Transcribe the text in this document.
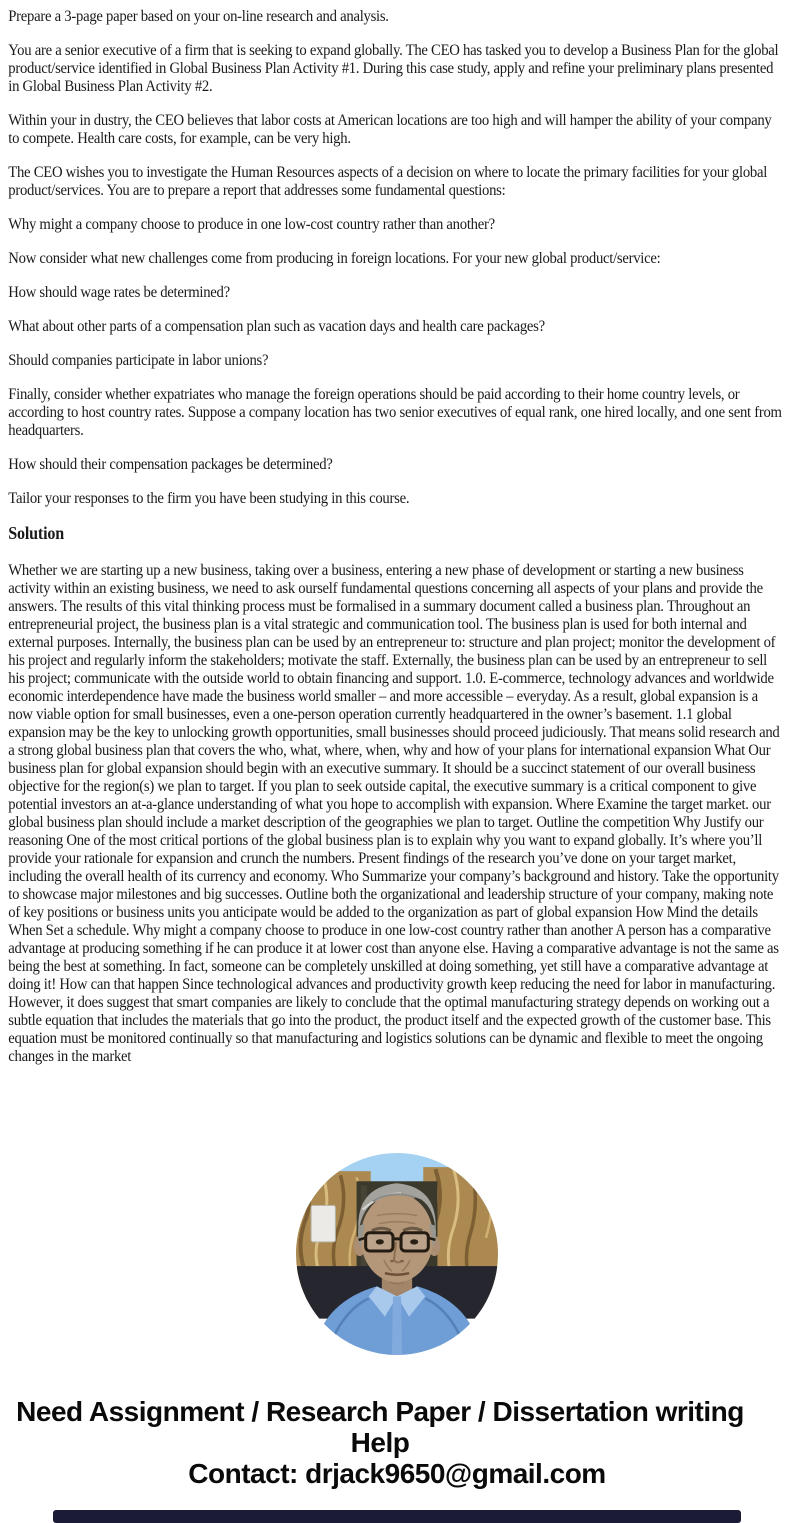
Prepare a 3-page paper based on your on-line research and analysis.

You are a senior executive of a firm that is seeking to expand globally. The CEO has tasked you to develop a Business Plan for the global product/service identified in Global Business Plan Activity #1. During this case study, apply and refine your preliminary plans presented in Global Business Plan Activity #2.

Within your in dustry, the CEO believes that labor costs at American locations are too high and will hamper the ability of your company to compete. Health care costs, for example, can be very high.

The CEO wishes you to investigate the Human Resources aspects of a decision on where to locate the primary facilities for your global product/services. You are to prepare a report that addresses some fundamental questions:

Why might a company choose to produce in one low-cost country rather than another?

Now consider what new challenges come from producing in foreign locations. For your new global product/service:

How should wage rates be determined?

What about other parts of a compensation plan such as vacation days and health care packages?

Should companies participate in labor unions?

Finally, consider whether expatriates who manage the foreign operations should be paid according to their home country levels, or according to host country rates. Suppose a company location has two senior executives of equal rank, one hired locally, and one sent from headquarters.

How should their compensation packages be determined?

Tailor your responses to the firm you have been studying in this course.

Solution

Whether we are starting up a new business, taking over a business, entering a new phase of development or starting a new business activity within an existing business, we need to ask ourself fundamental questions concerning all aspects of your plans and provide the answers. The results of this vital thinking process must be formalised in a summary document called a business plan. Throughout an entrepreneurial project, the business plan is a vital strategic and communication tool. The business plan is used for both internal and external purposes. Internally, the business plan can be used by an entrepreneur to: structure and plan project; monitor the development of his project and regularly inform the stakeholders; motivate the staff. Externally, the business plan can be used by an entrepreneur to sell his project; communicate with the outside world to obtain financing and support. 1.0. E-commerce, technology advances and worldwide economic interdependence have made the business world smaller – and more accessible – everyday. As a result, global expansion is a now viable option for small businesses, even a one-person operation currently headquartered in the owner’s basement. 1.1 global expansion may be the key to unlocking growth opportunities, small businesses should proceed judiciously. That means solid research and a strong global business plan that covers the who, what, where, when, why and how of your plans for international expansion What Our business plan for global expansion should begin with an executive summary. It should be a succinct statement of our overall business objective for the region(s) we plan to target. If you plan to seek outside capital, the executive summary is a critical component to give potential investors an at-a-glance understanding of what you hope to accomplish with expansion. Where Examine the target market. our global business plan should include a market description of the geographies we plan to target. Outline the competition Why Justify our reasoning One of the most critical portions of the global business plan is to explain why you want to expand globally. It’s where you’ll provide your rationale for expansion and crunch the numbers. Present findings of the research you’ve done on your target market, including the overall health of its currency and economy. Who Summarize your company’s background and history. Take the opportunity to showcase major milestones and big successes. Outline both the organizational and leadership structure of your company, making note of key positions or business units you anticipate would be added to the organization as part of global expansion How Mind the details When Set a schedule. Why might a company choose to produce in one low-cost country rather than another A person has a comparative advantage at producing something if he can produce it at lower cost than anyone else. Having a comparative advantage is not the same as being the best at something. In fact, someone can be completely unskilled at doing something, yet still have a comparative advantage at doing it! How can that happen Since technological advances and productivity growth keep reducing the need for labor in manufacturing. However, it does suggest that smart companies are likely to conclude that the optimal manufacturing strategy depends on working out a subtle equation that includes the materials that go into the product, the product itself and the expected growth of the customer base. This equation must be monitored continually so that manufacturing and logistics solutions can be dynamic and flexible to meet the ongoing changes in the market

Need Assignment / Research Paper / Dissertation writing Help

Contact: drjack9650@gmail.com
